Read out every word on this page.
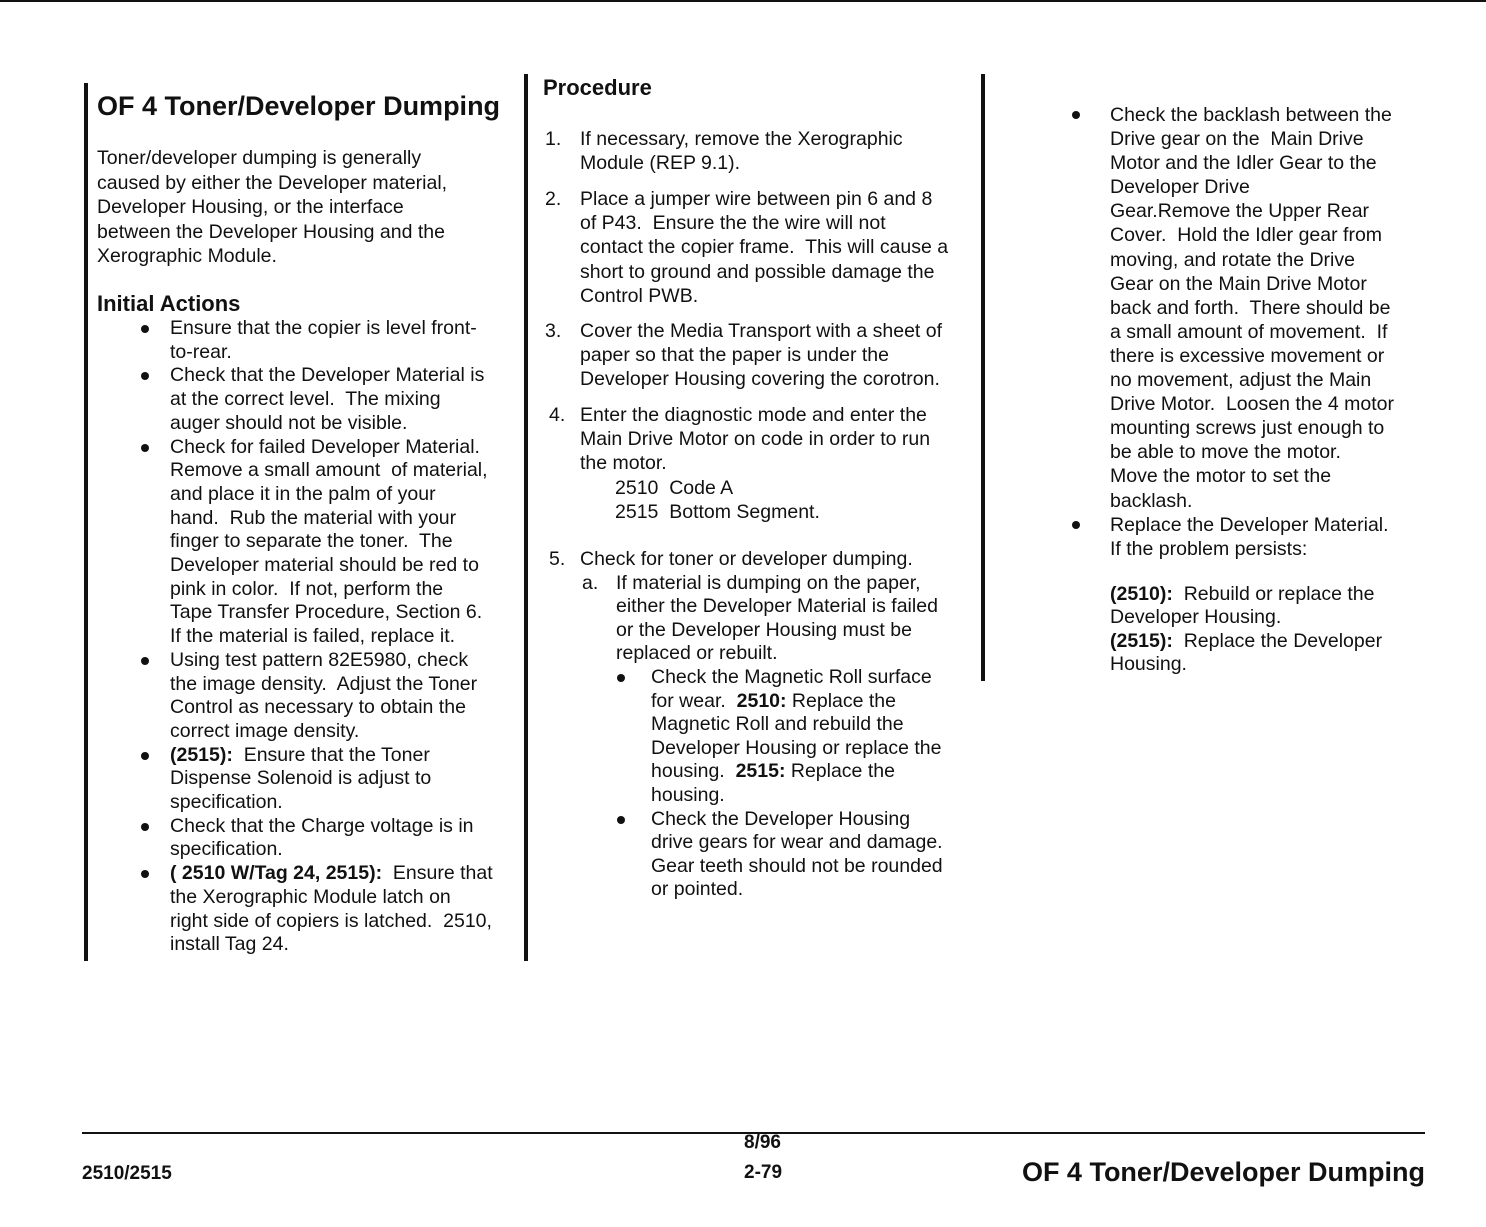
OF 4 Toner/Developer Dumping
Toner/developer dumping is generally
caused by either the Developer material,
Developer Housing, or the interface
between the Developer Housing and the
Xerographic Module.
Initial Actions
Ensure that the copier is level front-
to-rear.
Check that the Developer Material is
at the correct level.  The mixing
auger should not be visible.
Check for failed Developer Material.
Remove a small amount  of material,
and place it in the palm of your
hand.  Rub the material with your
finger to separate the toner.  The
Developer material should be red to
pink in color.  If not, perform the
Tape Transfer Procedure, Section 6.
If the material is failed, replace it.
Using test pattern 82E5980, check
the image density.  Adjust the Toner
Control as necessary to obtain the
correct image density.
(2515):  Ensure that the Toner
Dispense Solenoid is adjust to
specification.
Check that the Charge voltage is in
specification.
( 2510 W/Tag 24, 2515):  Ensure that
the Xerographic Module latch on
right side of copiers is latched.  2510,
install Tag 24.
Procedure
1. If necessary, remove the Xerographic
Module (REP 9.1).
2. Place a jumper wire between pin 6 and 8
of P43.  Ensure the the wire will not
contact the copier frame.  This will cause a
short to ground and possible damage the
Control PWB.
3. Cover the Media Transport with a sheet of
paper so that the paper is under the
Developer Housing covering the corotron.
4. Enter the diagnostic mode and enter the
Main Drive Motor on code in order to run
the motor.
2510  Code A
2515  Bottom Segment.
5. Check for toner or developer dumping.
a. If material is dumping on the paper,
either the Developer Material is failed
or the Developer Housing must be
replaced or rebuilt.
Check the Magnetic Roll surface
for wear.  2510: Replace the
Magnetic Roll and rebuild the
Developer Housing or replace the
housing.  2515: Replace the
housing.
Check the Developer Housing
drive gears for wear and damage.
Gear teeth should not be rounded
or pointed.
Check the backlash between the
Drive gear on the  Main Drive
Motor and the Idler Gear to the
Developer Drive
Gear.Remove the Upper Rear
Cover.  Hold the Idler gear from
moving, and rotate the Drive
Gear on the Main Drive Motor
back and forth.  There should be
a small amount of movement.  If
there is excessive movement or
no movement, adjust the Main
Drive Motor.  Loosen the 4 motor
mounting screws just enough to
be able to move the motor.
Move the motor to set the
backlash.
Replace the Developer Material.
If the problem persists:
(2510):  Rebuild or replace the
Developer Housing.
(2515):  Replace the Developer
Housing.
2510/2515
8/96
2-79	OF 4 Toner/Developer Dumping
